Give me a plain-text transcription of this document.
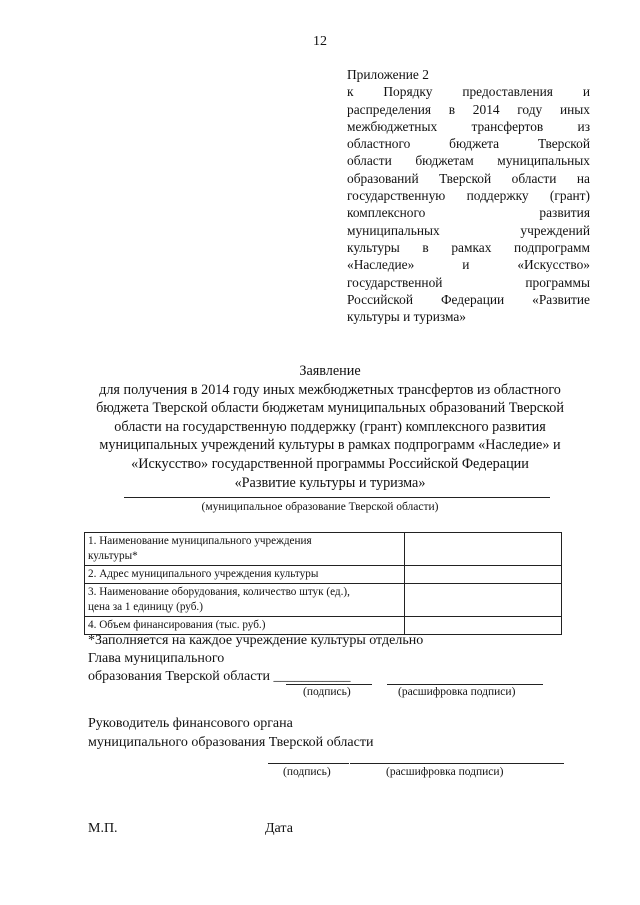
12
Приложение 2
к Порядку предоставления и
распределения в 2014 году иных
межбюджетных	трансфертов	из
областного	бюджета	Тверской
области бюджетам муниципальных
образований Тверской области на
государственную поддержку (грант)
комплексного	развития
муниципальных	учреждений
культуры в рамках подпрограмм
«Наследие»	и	«Искусство»
государственной	программы
Российской Федерации «Развитие
культуры и туризма»
Заявление
для получения в 2014 году иных межбюджетных трансфертов из областного
бюджета Тверской области бюджетам муниципальных образований Тверской
области на государственную поддержку (грант) комплексного развития
муниципальных учреждений культуры в рамках подпрограмм «Наследие» и
«Искусство» государственной программы Российской Федерации
«Развитие культуры и туризма»
(муниципальное образование Тверской области)
1. Наименование муниципального учреждения
культуры*	

2. Адрес муниципального учреждения культуры	

3. Наименование оборудования, количество штук (ед.),
цена за 1 единицу (руб.)	

4. Объем финансирования (тыс. руб.)	

*Заполняется на каждое учреждение культуры отдельно
Глава муниципального
образования Тверской области ___________
(подпись)	(расшифровка подписи)
Руководитель финансового органа
муниципального образования Тверской области
(подпись)	(расшифровка подписи)
М.П.	Дата
